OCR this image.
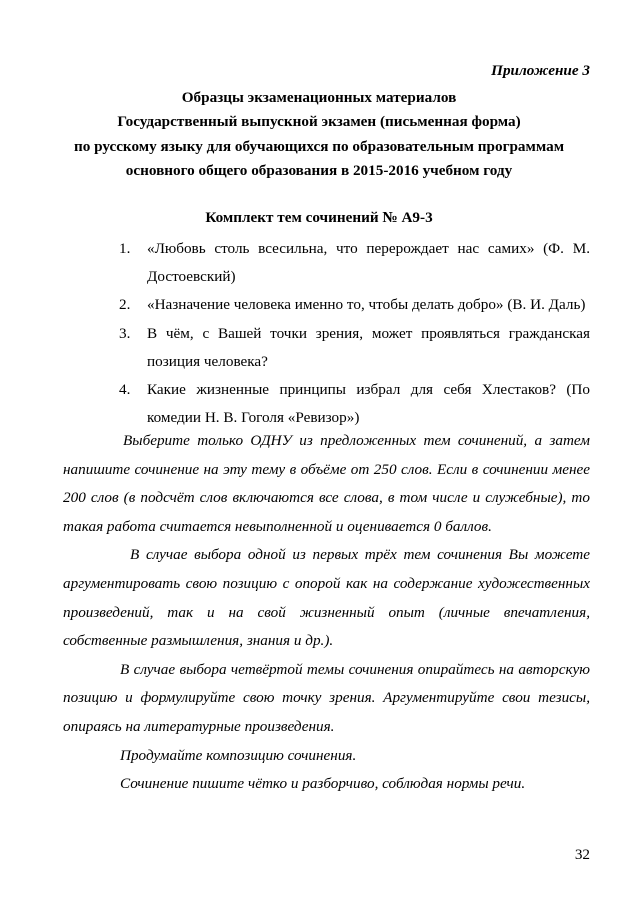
Приложение 3
Образцы экзаменационных материалов
Государственный выпускной экзамен (письменная форма)
по русскому языку для обучающихся по образовательным программам
основного общего образования в 2015-2016 учебном году
Комплект тем сочинений № А9-3
1. «Любовь столь всесильна, что перерождает нас самих» (Ф. М. Достоевский)
2. «Назначение человека именно то, чтобы делать добро» (В. И. Даль)
3. В чём, с Вашей точки зрения, может проявляться гражданская позиция человека?
4. Какие жизненные принципы избрал для себя Хлестаков? (По комедии Н. В. Гоголя «Ревизор»)

Выберите только ОДНУ из предложенных тем сочинений, а затем напишите сочинение на эту тему в объёме от 250 слов. Если в сочинении менее 200 слов (в подсчёт слов включаются все слова, в том числе и служебные), то такая работа считается невыполненной и оценивается 0 баллов.

В случае выбора одной из первых трёх тем сочинения Вы можете аргументировать свою позицию с опорой как на содержание художественных произведений, так и на свой жизненный опыт (личные впечатления, собственные размышления, знания и др.).

В случае выбора четвёртой темы сочинения опирайтесь на авторскую позицию и формулируйте свою точку зрения. Аргументируйте свои тезисы, опираясь на литературные произведения.

Продумайте композицию сочинения.

Сочинение пишите чётко и разборчиво, соблюдая нормы речи.

32
